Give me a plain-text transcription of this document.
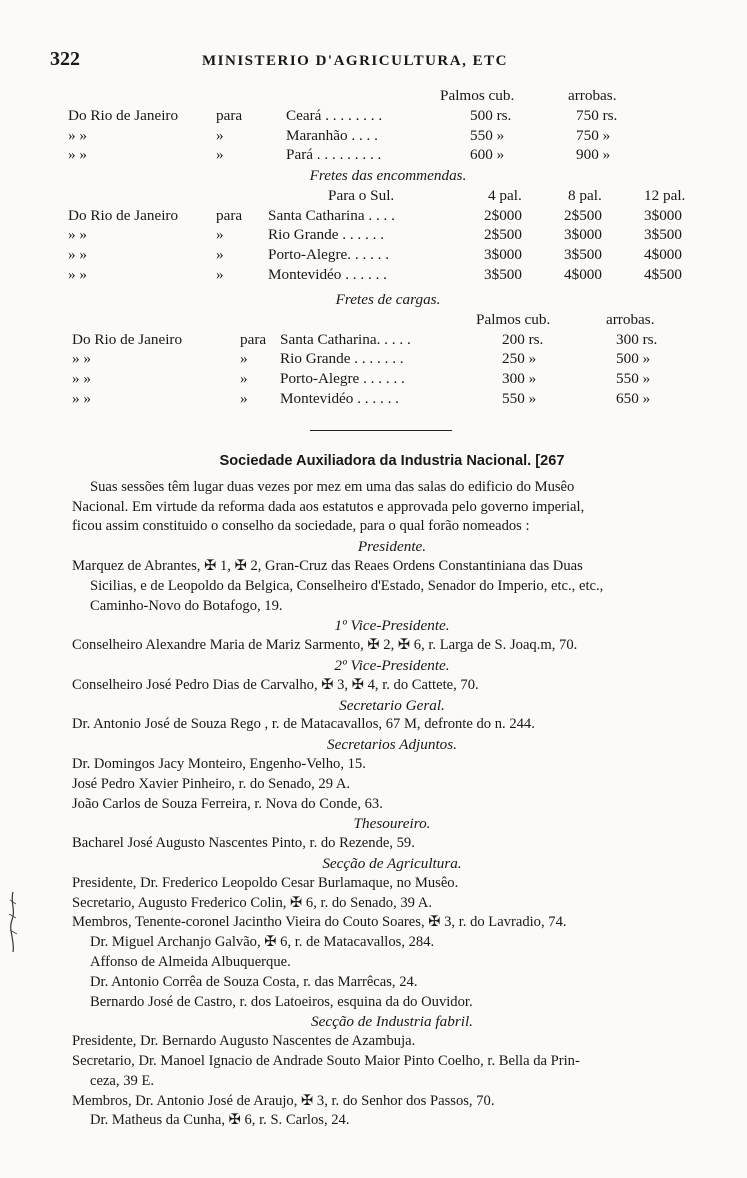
322	MINISTERIO D'AGRICULTURA, ETC
Palmos cub.	arrobas.
Do Rio de Janeiro para	Ceará . . . . . . . .	500 rs.	750 rs.
» »	»	Maranhão . . . .	550 »	750 »
» »	»	Pará . . . . . . . . .	600 »	900 »
Fretes das encommendas.
Para o Sul.	4 pal.	8 pal.	12 pal.
Do Rio de Janeiro para Santa Catharina . . . .	2$000	2$500	3$000
» »	»	Rio Grande . . . . . .	2$500	3$000	3$500
» »	»	Porto-Alegre. . . . . .	3$000	3$500	4$000
» »	»	Montevidéo . . . . . .	3$500	4$000	4$500
Fretes de cargas.
Palmos cub.	arrobas.
Do Rio de Janeiro	para Santa Catharina. . . . .	200 rs.	300 rs.
» »	» Rio Grande . . . . . . .	250 »	500 »
» »	» Porto-Alegre . . . . . .	300 »	550 »
» »	» Montevidéo . . . . . .	550 »	650 »
Sociedade Auxiliadora da Industria Nacional. [267
Suas sessões têm lugar duas vezes por mez em uma das salas do edificio do Musêo
Nacional. Em virtude da reforma dada aos estatutos e approvada pelo governo imperial,
ficou assim constituido o conselho da sociedade, para o qual forão nomeados :
Presidente.
Marquez de Abrantes, ✠ 1, ✠ 2, Gran-Cruz das Reaes Ordens Constantiniana das Duas
Sicilias, e de Leopoldo da Belgica, Conselheiro d'Estado, Senador do Imperio, etc., etc.,
Caminho-Novo do Botafogo, 19.
1º Vice-Presidente.
Conselheiro Alexandre Maria de Mariz Sarmento, ✠ 2, ✠ 6, r. Larga de S. Joaq.m, 70.
2º Vice-Presidente.
Conselheiro José Pedro Dias de Carvalho, ✠ 3, ✠ 4, r. do Cattete, 70.
Secretario Geral.
Dr. Antonio José de Souza Rego , r. de Matacavallos, 67 M, defronte do n. 244.
Secretarios Adjuntos.
Dr. Domingos Jacy Monteiro, Engenho-Velho, 15.
José Pedro Xavier Pinheiro, r. do Senado, 29 A.
João Carlos de Souza Ferreira, r. Nova do Conde, 63.
Thesoureiro.
Bacharel José Augusto Nascentes Pinto, r. do Rezende, 59.
Secção de Agricultura.
Presidente, Dr. Frederico Leopoldo Cesar Burlamaque, no Musêo.
Secretario, Augusto Frederico Colin, ✠ 6, r. do Senado, 39 A.
Membros, Tenente-coronel Jacintho Vieira do Couto Soares, ✠ 3, r. do Lavradio, 74.
Dr. Miguel Archanjo Galvão, ✠ 6, r. de Matacavallos, 284.
Affonso de Almeida Albuquerque.
Dr. Antonio Corrêa de Souza Costa, r. das Marrêcas, 24.
Bernardo José de Castro, r. dos Latoeiros, esquina da do Ouvidor.
Secção de Industria fabril.
Presidente, Dr. Bernardo Augusto Nascentes de Azambuja.
Secretario, Dr. Manoel Ignacio de Andrade Souto Maior Pinto Coelho, r. Bella da Prin-
ceza, 39 E.
Membros, Dr. Antonio José de Araujo, ✠ 3, r. do Senhor dos Passos, 70.
Dr. Matheus da Cunha, ✠ 6, r. S. Carlos, 24.
